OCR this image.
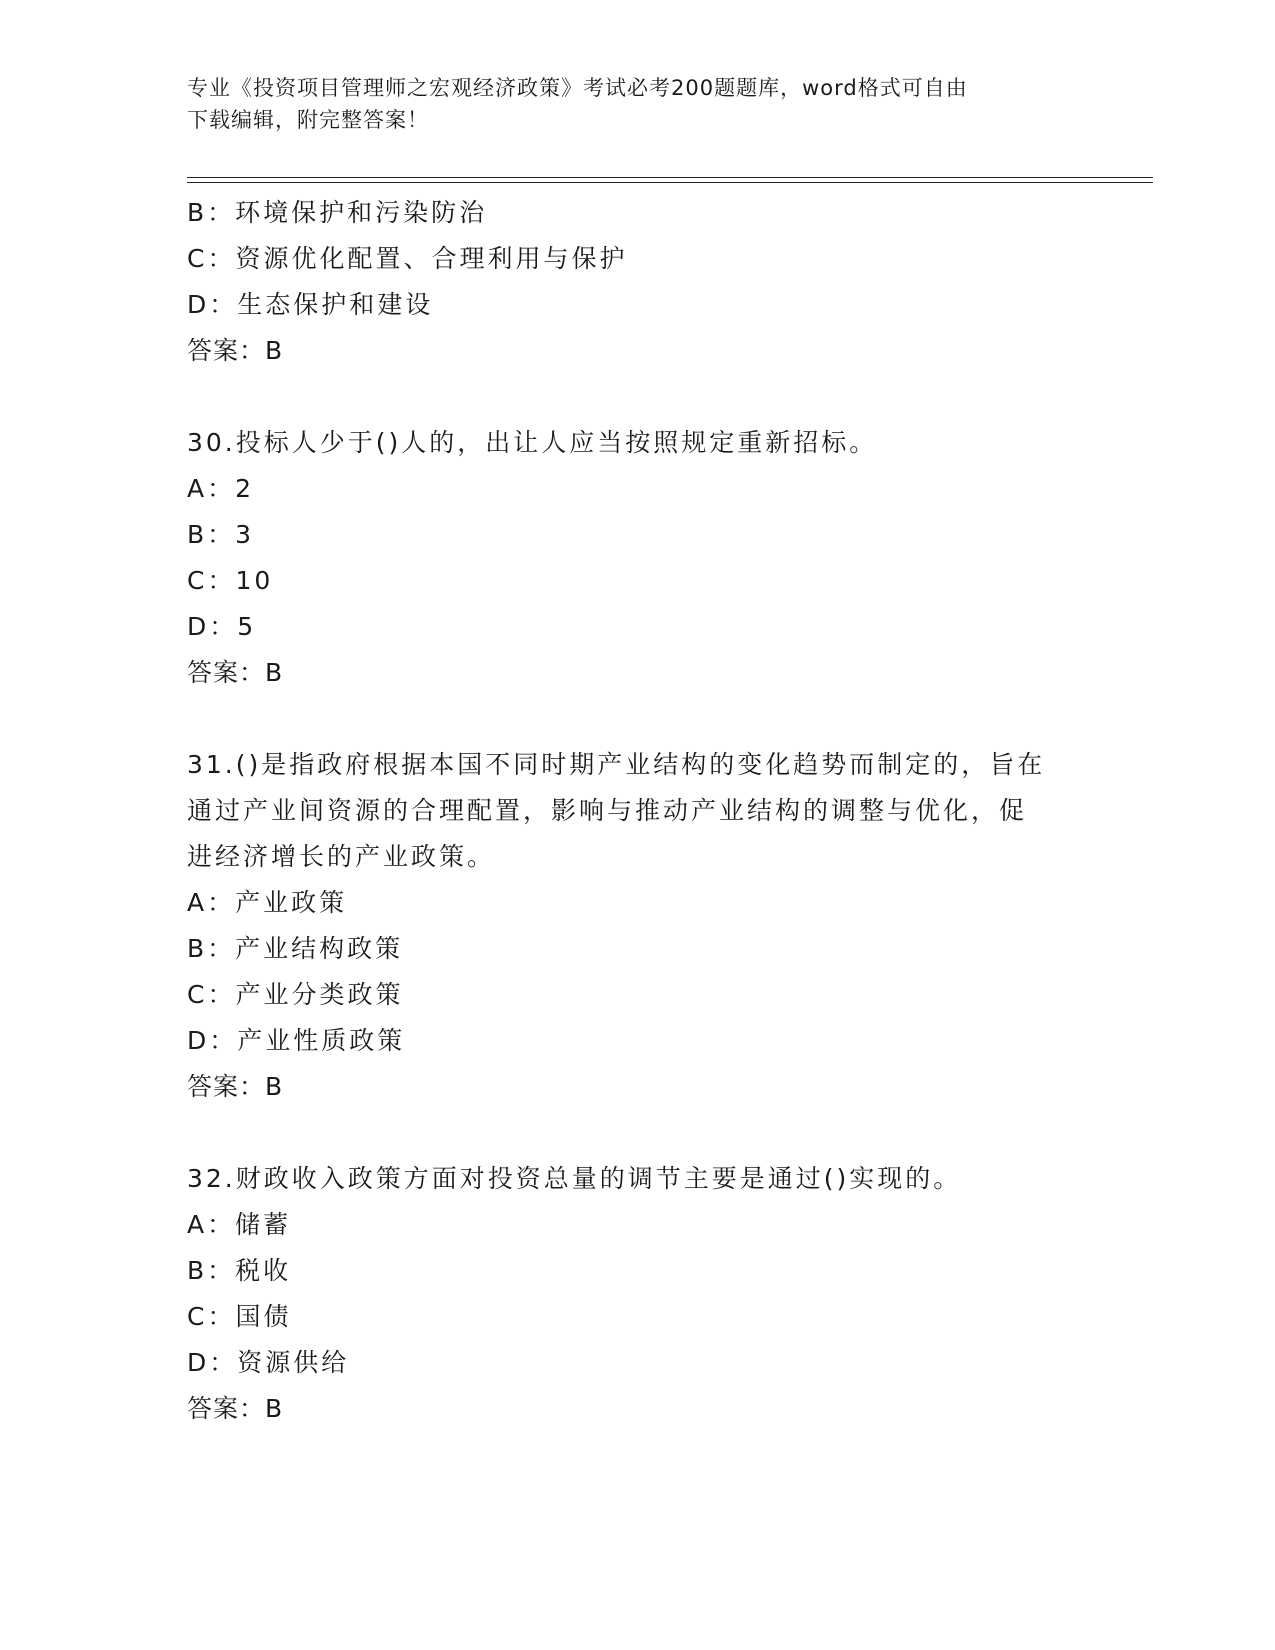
专业《投资项目管理师之宏观经济政策》考试必考200题题库，word格式可自由
下载编辑，附完整答案！
B：环境保护和污染防治
C：资源优化配置、合理利用与保护
D：生态保护和建设
答案：B
30.投标人少于()人的，出让人应当按照规定重新招标。
A：2
B：3
C：10
D：5
答案：B
31.()是指政府根据本国不同时期产业结构的变化趋势而制定的，旨在
通过产业间资源的合理配置，影响与推动产业结构的调整与优化，促
进经济增长的产业政策。
A：产业政策
B：产业结构政策
C：产业分类政策
D：产业性质政策
答案：B
32.财政收入政策方面对投资总量的调节主要是通过()实现的。
A：储蓄
B：税收
C：国债
D：资源供给
答案：B
